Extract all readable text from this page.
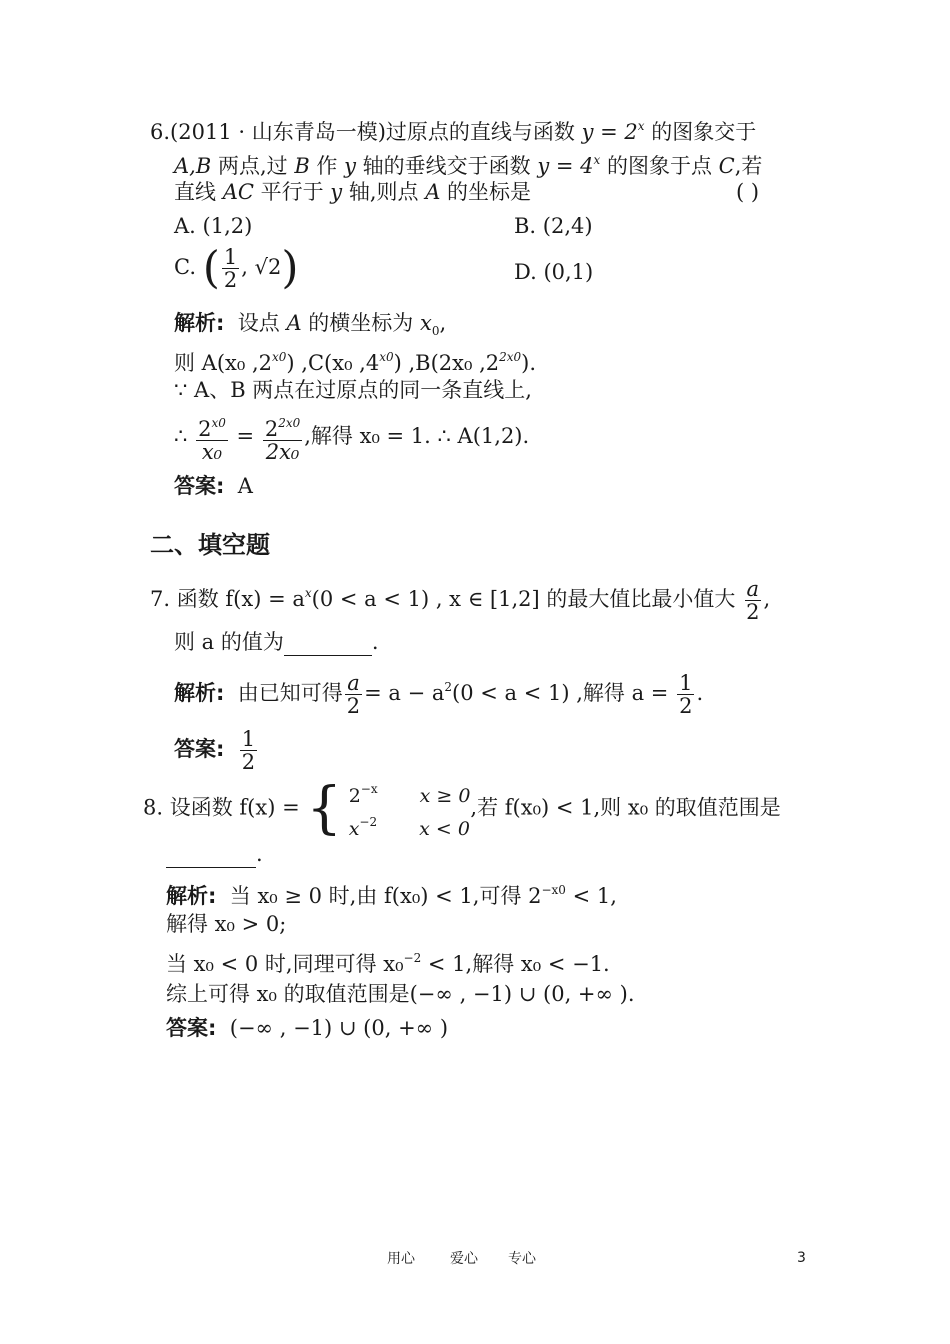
6.(2011 · 山东青岛一模)过原点的直线与函数 $y = 2^x$ 的图象交于
A,B 两点,过 B 作 y 轴的垂线交于函数 $y = 4^x$ 的图象于点 C,若
直线 AC 平行于 y 轴,则点 A 的坐标是	( )
A. (1,2)	B. (2,4)
C. ( $\frac{1}{2}$ , √2)	D. (0,1)
解析: 设点 A 的横坐标为 $x_0$,
则 A(x₀ $,2^{x0}$) ,C(x₀ $,4^{x0}$) ,B(2x₀ $,2^{2x0}$).
∵ A、B 两点在过原点的同一条直线上,
∴ $\frac{2^{x0}}{\text{x₀}} = \frac{2^{2x0}}{\text{2x₀}}$ ,解得 x₀ = 1. ∴ A(1,2).
答案: A
二、填空题
7. 函数 $f(x) = a^x(0 < a < 1)$ , x ∈ [1,2] 的最大值比最小值大 $\frac{a}{2}$ ,
则 a 的值为	.
解析: 由已知可得 $\frac{a}{2} = a - a^2(0 < a < 1)$ ,解得 $a = \frac{1}{2}$ .
答案: $\frac{1}{2}$
8. 设函数 f(x) = { $2^{-x}$ x ≥ 0
$x^{-2}$ x < 0
,若 f(x₀) < 1,则 x₀ 的取值范围是
.
解析: 当 x₀ ≥ 0 时,由 f(x₀) < 1,可得 $2^{-x0} < 1$,
解得 x₀ > 0;
当 x₀ < 0 时,同理可得 x₀$^{-2}$ < 1,解得 x₀ < −1.
综上可得 x₀ 的取值范围是(−∞ , −1) ∪ (0, +∞ ).
答案: (−∞ , −1) ∪ (0, +∞ )
用心	爱心 专心	3
